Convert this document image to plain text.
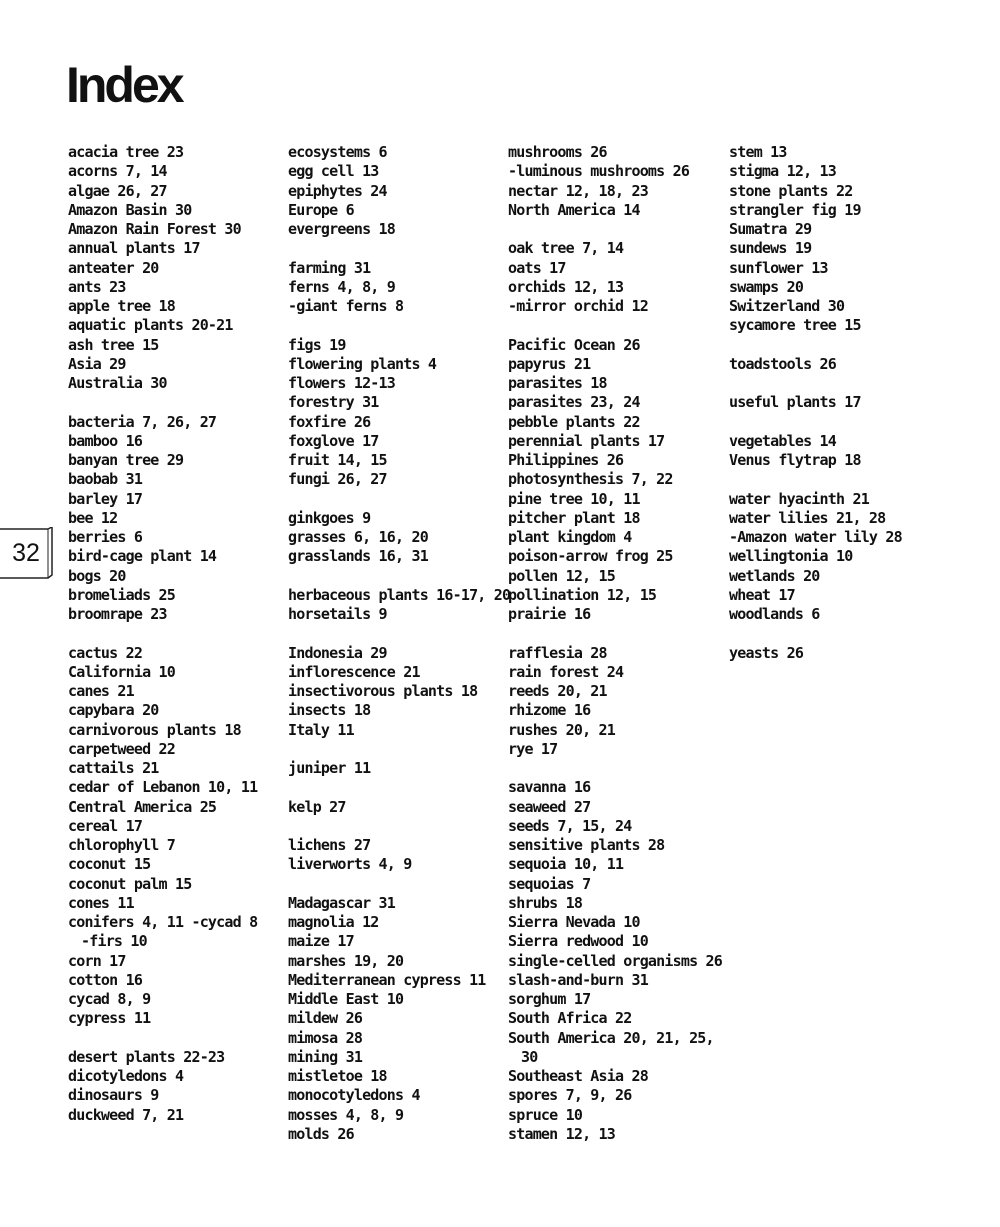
Index
acacia tree 23
acorns 7, 14
algae 26, 27
Amazon Basin 30
Amazon Rain Forest 30
annual plants 17
anteater 20
ants 23
apple tree 18
aquatic plants 20-21
ash tree 15
Asia 29
Australia 30
bacteria 7, 26, 27
bamboo 16
banyan tree 29
baobab 31
barley 17
bee 12
berries 6
bird-cage plant 14
bogs 20
bromeliads 25
broomrape 23
cactus 22
California 10
canes 21
capybara 20
carnivorous plants 18
carpetweed 22
cattails 21
cedar of Lebanon 10, 11
Central America 25
cereal 17
chlorophyll 7
coconut 15
coconut palm 15
cones 11
conifers 4, 11 -cycad 8
-firs 10
corn 17
cotton 16
cycad 8, 9
cypress 11
desert plants 22-23
dicotyledons 4
dinosaurs 9
duckweed 7, 21
ecosystems 6
egg cell 13
epiphytes 24
Europe 6
evergreens 18
farming 31
ferns 4, 8, 9
-giant ferns 8
figs 19
flowering plants 4
flowers 12-13
forestry 31
foxfire 26
foxglove 17
fruit 14, 15
fungi 26, 27
ginkgoes 9
grasses 6, 16, 20
grasslands 16, 31
herbaceous plants 16-17, 20
horsetails 9
Indonesia 29
inflorescence 21
insectivorous plants 18
insects 18
Italy 11
juniper 11
kelp 27
lichens 27
liverworts 4, 9
Madagascar 31
magnolia 12
maize 17
marshes 19, 20
Mediterranean cypress 11
Middle East 10
mildew 26
mimosa 28
mining 31
mistletoe 18
monocotyledons 4
mosses 4, 8, 9
molds 26
mushrooms 26
-luminous mushrooms 26
nectar 12, 18, 23
North America 14
oak tree 7, 14
oats 17
orchids 12, 13
-mirror orchid 12
Pacific Ocean 26
papyrus 21
parasites 18
parasites 23, 24
pebble plants 22
perennial plants 17
Philippines 26
photosynthesis 7, 22
pine tree 10, 11
pitcher plant 18
plant kingdom 4
poison-arrow frog 25
pollen 12, 15
pollination 12, 15
prairie 16
rafflesia 28
rain forest 24
reeds 20, 21
rhizome 16
rushes 20, 21
rye 17
savanna 16
seaweed 27
seeds 7, 15, 24
sensitive plants 28
sequoia 10, 11
sequoias 7
shrubs 18
Sierra Nevada 10
Sierra redwood 10
single-celled organisms 26
slash-and-burn 31
sorghum 17
South Africa 22
South America 20, 21, 25,
30
Southeast Asia 28
spores 7, 9, 26
spruce 10
stamen 12, 13
stem 13
stigma 12, 13
stone plants 22
strangler fig 19
Sumatra 29
sundews 19
sunflower 13
swamps 20
Switzerland 30
sycamore tree 15
toadstools 26
useful plants 17
vegetables 14
Venus flytrap 18
water hyacinth 21
water lilies 21, 28
-Amazon water lily 28
wellingtonia 10
wetlands 20
wheat 17
woodlands 6
yeasts 26
32
